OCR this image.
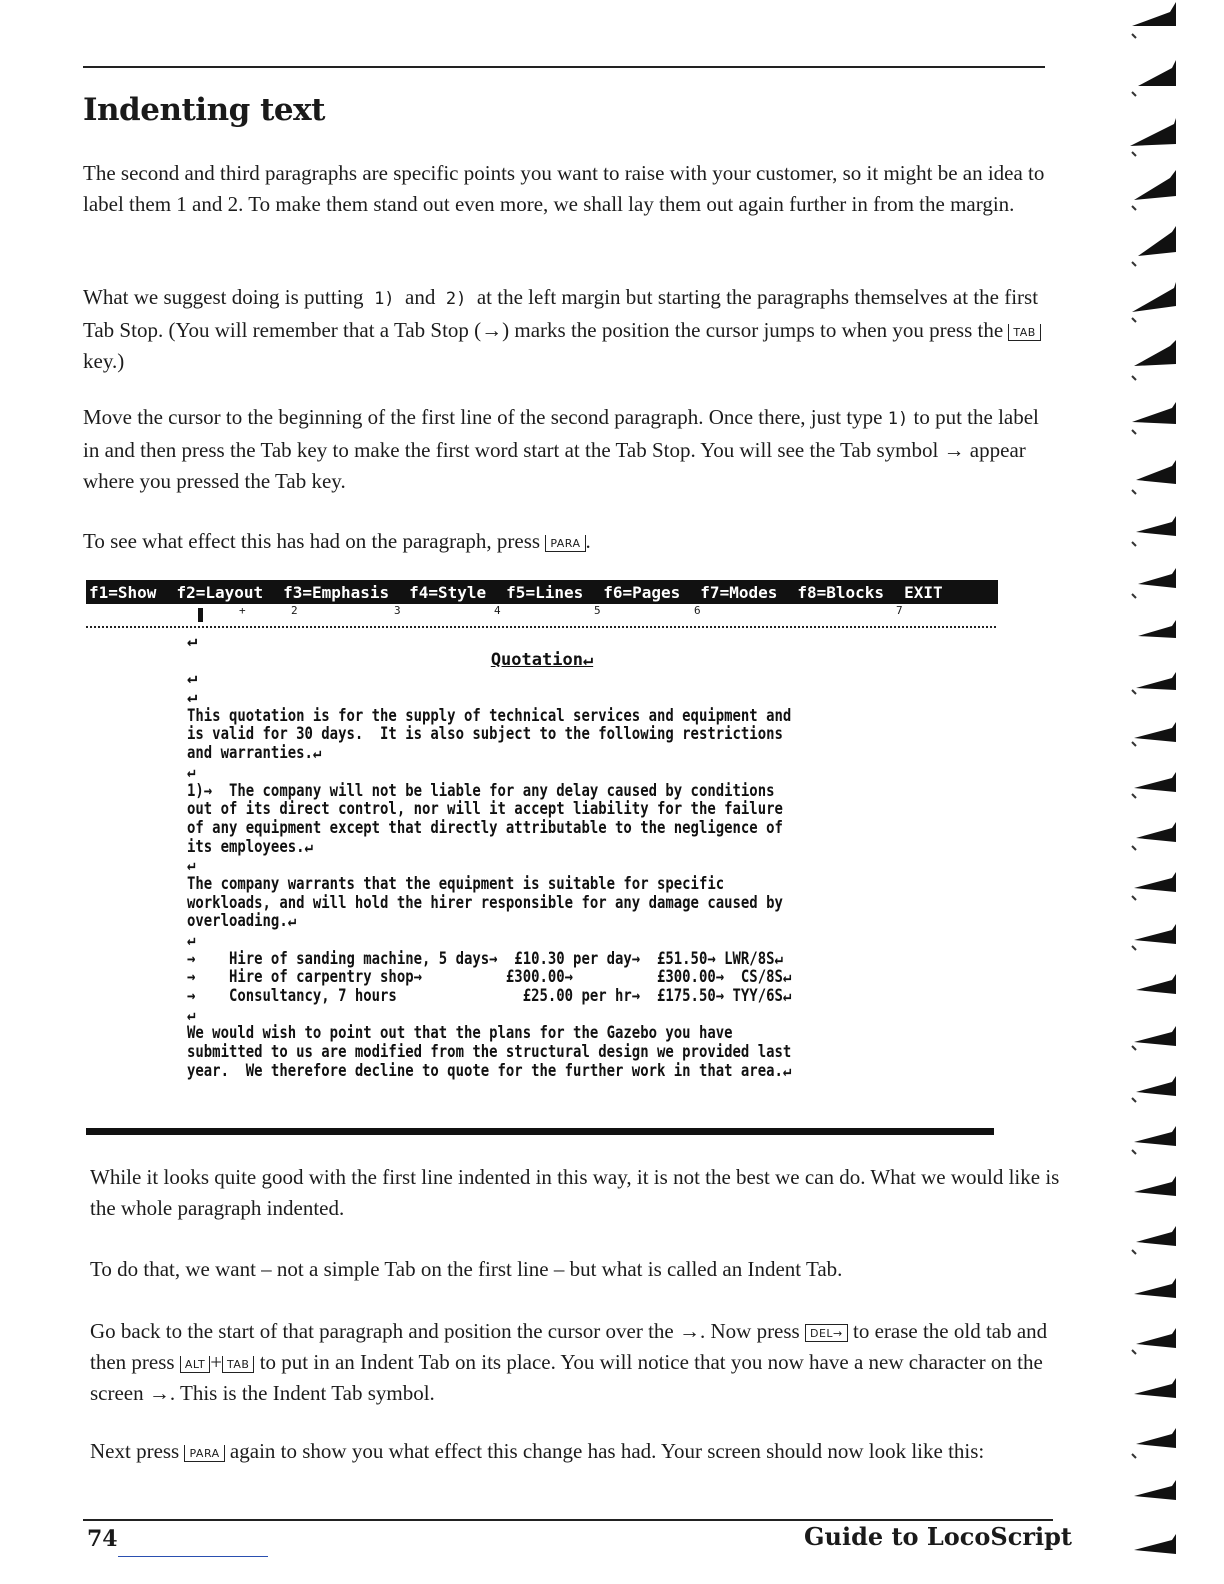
Indenting text

The second and third paragraphs are specific points you want to raise with your customer, so it might be an idea to label them 1 and 2. To make them stand out even more, we shall lay them out again further in from the margin.

What we suggest doing is putting 1) and 2) at the left margin but starting the paragraphs themselves at the first Tab Stop. (You will remember that a Tab Stop (→) marks the position the cursor jumps to when you press the TAB key.)

Move the cursor to the beginning of the first line of the second paragraph. Once there, just type 1) to put the label in and then press the Tab key to make the first word start at the Tab Stop. You will see the Tab symbol → appear where you pressed the Tab key.

To see what effect this has had on the paragraph, press PARA .

f1=Show f2=Layout f3=Emphasis f4=Style f5=Lines f6=Pages f7=Modes f8=Blocks EXIT
+	2	3	4	5	6	7
↵
Quotation↵
↵
↵
This quotation is for the supply of technical services and equipment and
is valid for 30 days.  It is also subject to the following restrictions
and warranties.↵
↵
1)→  The company will not be liable for any delay caused by conditions
out of its direct control, nor will it accept liability for the failure
of any equipment except that directly attributable to the negligence of
its employees.↵
↵
The company warrants that the equipment is suitable for specific
workloads, and will hold the hirer responsible for any damage caused by
overloading.↵
↵
→    Hire of sanding machine, 5 days→  £10.30 per day→  £51.50→ LWR/8S↵
→    Hire of carpentry shop→          £300.00→          £300.00→  CS/8S↵
→    Consultancy, 7 hours               £25.00 per hr→  £175.50→ TYY/6S↵
↵
We would wish to point out that the plans for the Gazebo you have
submitted to us are modified from the structural design we provided last
year.  We therefore decline to quote for the further work in that area.↵

While it looks quite good with the first line indented in this way, it is not the best we can do. What we would like is the whole paragraph indented.

To do that, we want – not a simple Tab on the first line – but what is called an Indent Tab.

Go back to the start of that paragraph and position the cursor over the →. Now press DEL→ to erase the old tab and then press ALT + TAB to put in an Indent Tab on its place. You will notice that you now have a new character on the screen →. This is the Indent Tab symbol.

Next press PARA again to show you what effect this change has had. Your screen should now look like this:

74	Guide to LocoScript
